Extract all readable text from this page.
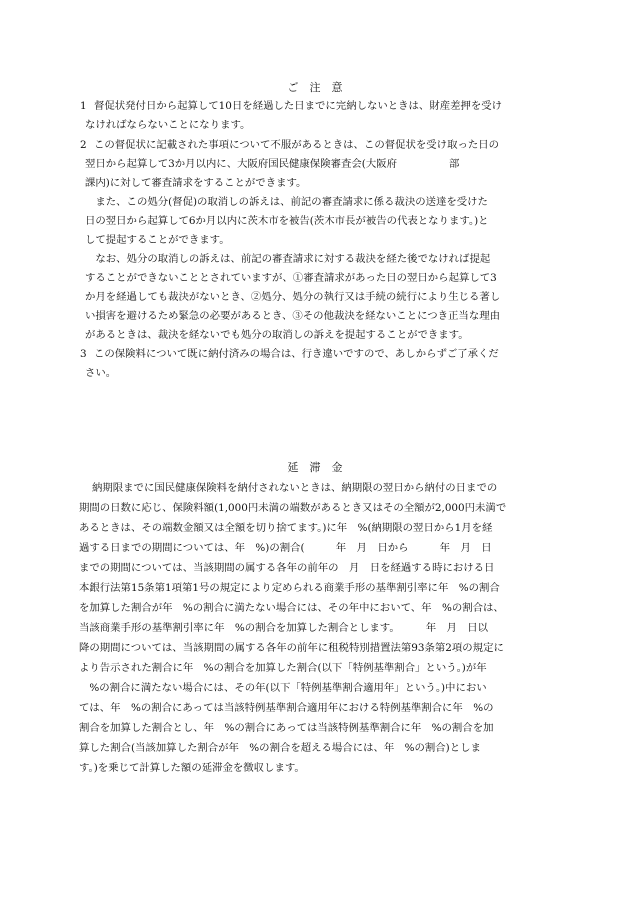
ご　注　意
1 督促状発付日から起算して10日を経過した日までに完納しないときは、財産差押を受け
なければならないことになります。
2 この督促状に記載された事項について不服があるときは、この督促状を受け取った日の
翌日から起算して3か月以内に、大阪府国民健康保険審査会(大阪府　　　　　部
課内)に対して審査請求をすることができます。
　また、この処分(督促)の取消しの訴えは、前記の審査請求に係る裁決の送達を受けた
日の翌日から起算して6か月以内に茨木市を被告(茨木市長が被告の代表となります。)と
して提起することができます。
　なお、処分の取消しの訴えは、前記の審査請求に対する裁決を経た後でなければ提起
することができないこととされていますが、①審査請求があった日の翌日から起算して3
か月を経過しても裁決がないとき、②処分、処分の執行又は手続の続行により生じる著し
い損害を避けるため緊急の必要があるとき、③その他裁決を経ないことにつき正当な理由
があるときは、裁決を経ないでも処分の取消しの訴えを提起することができます。
3 この保険料について既に納付済みの場合は、行き違いですので、あしからずご了承くだ
さい。
延　滞　金
納期限までに国民健康保険料を納付されないときは、納期限の翌日から納付の日までの
期間の日数に応じ、保険料額(1,000円未満の端数があるとき又はその全額が2,000円未満で
あるときは、その端数金額又は全額を切り捨てます。)に年　%(納期限の翌日から1月を経
過する日までの期間については、年　%)の割合(　　　年　月　日から　　　年　月　日
までの期間については、当該期間の属する各年の前年の　月　日を経過する時における日
本銀行法第15条第1項第1号の規定により定められる商業手形の基準割引率に年　%の割合
を加算した割合が年　%の割合に満たない場合には、その年中において、年　%の割合は、
当該商業手形の基準割引率に年　%の割合を加算した割合とします。　　　年　月　日以
降の期間については、当該期間の属する各年の前年に租税特別措置法第93条第2項の規定に
より告示された割合に年　%の割合を加算した割合(以下「特例基準割合」という。)が年
　%の割合に満たない場合には、その年(以下「特例基準割合適用年」という。)中におい
ては、年　%の割合にあっては当該特例基準割合適用年における特例基準割合に年　%の
割合を加算した割合とし、年　%の割合にあっては当該特例基準割合に年　%の割合を加
算した割合(当該加算した割合が年　%の割合を超える場合には、年　%の割合)としま
す。)を乗じて計算した額の延滞金を徴収します。
